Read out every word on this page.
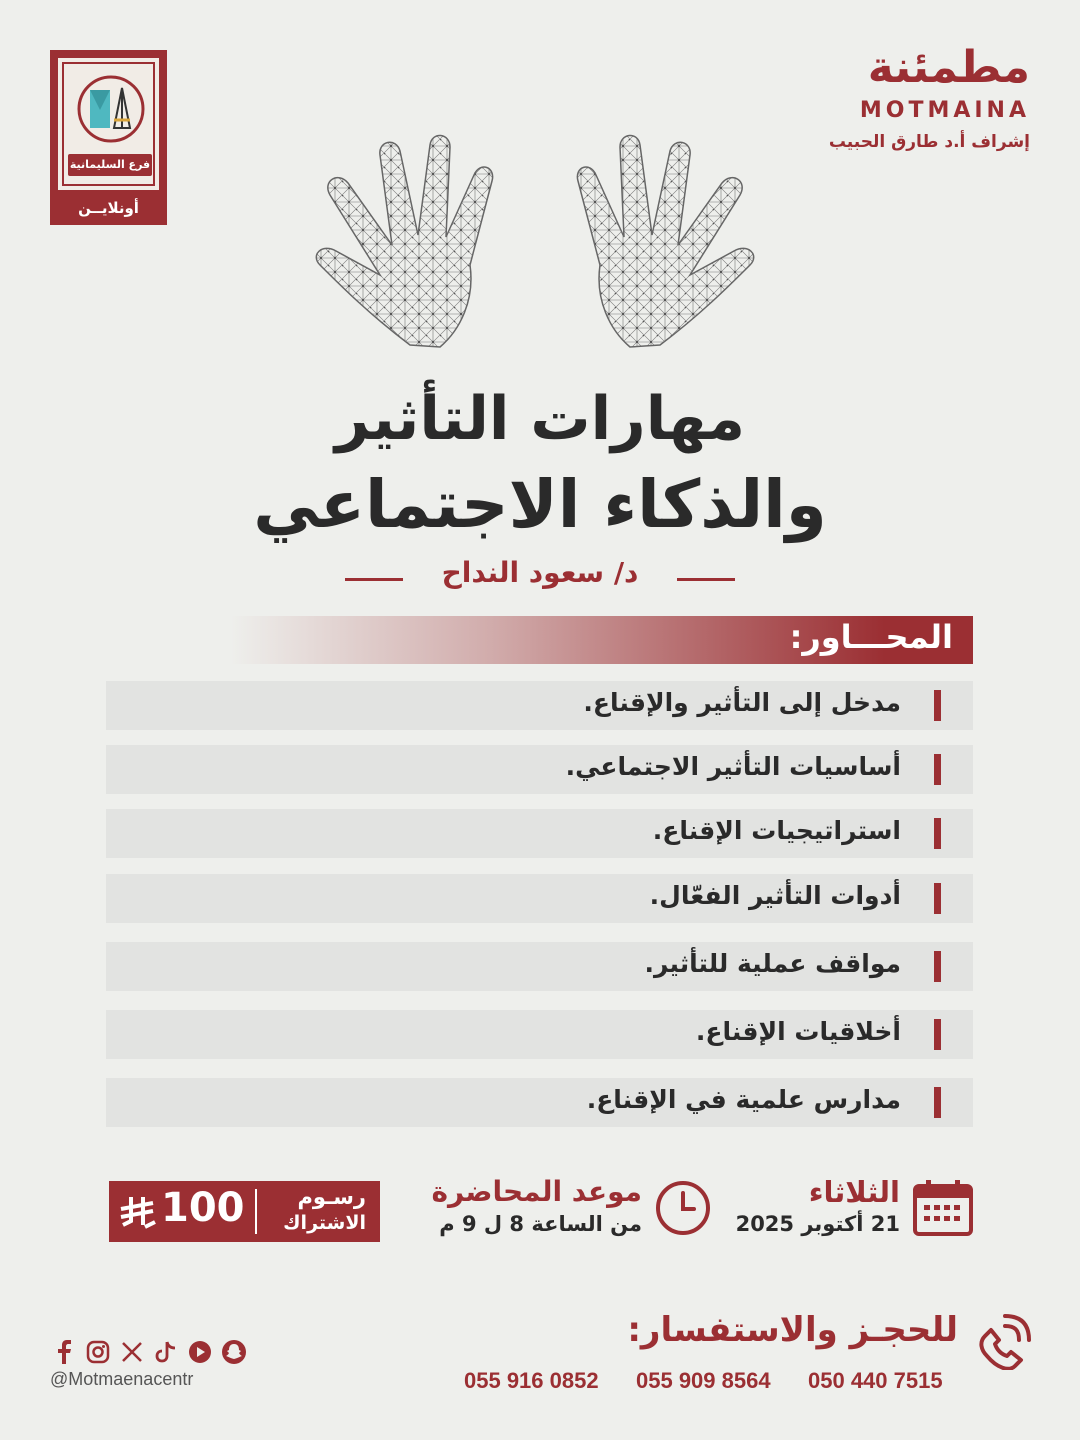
فرع السليمانية
أونلايــن
مطمئنة
MOTMAINA
إشراف أ.د طارق الحبيب
مهارات التأثير
والذكاء الاجتماعي
د/ سعود النداح
المحـــاور:
مدخل إلى التأثير والإقناع.
أساسيات التأثير الاجتماعي.
استراتيجيات الإقناع.
أدوات التأثير الفعّال.
مواقف عملية للتأثير.
أخلاقيات الإقناع.
مدارس علمية في الإقناع.
الثلاثاء
21 أكتوبر 2025
موعد المحاضرة
من الساعة 8 ل 9 م
رسـوم
الاشتراك
100
للحجـز والاستفسار:
050 440 7515
055 909 8564
055 916 0852
@Motmaenacentr
